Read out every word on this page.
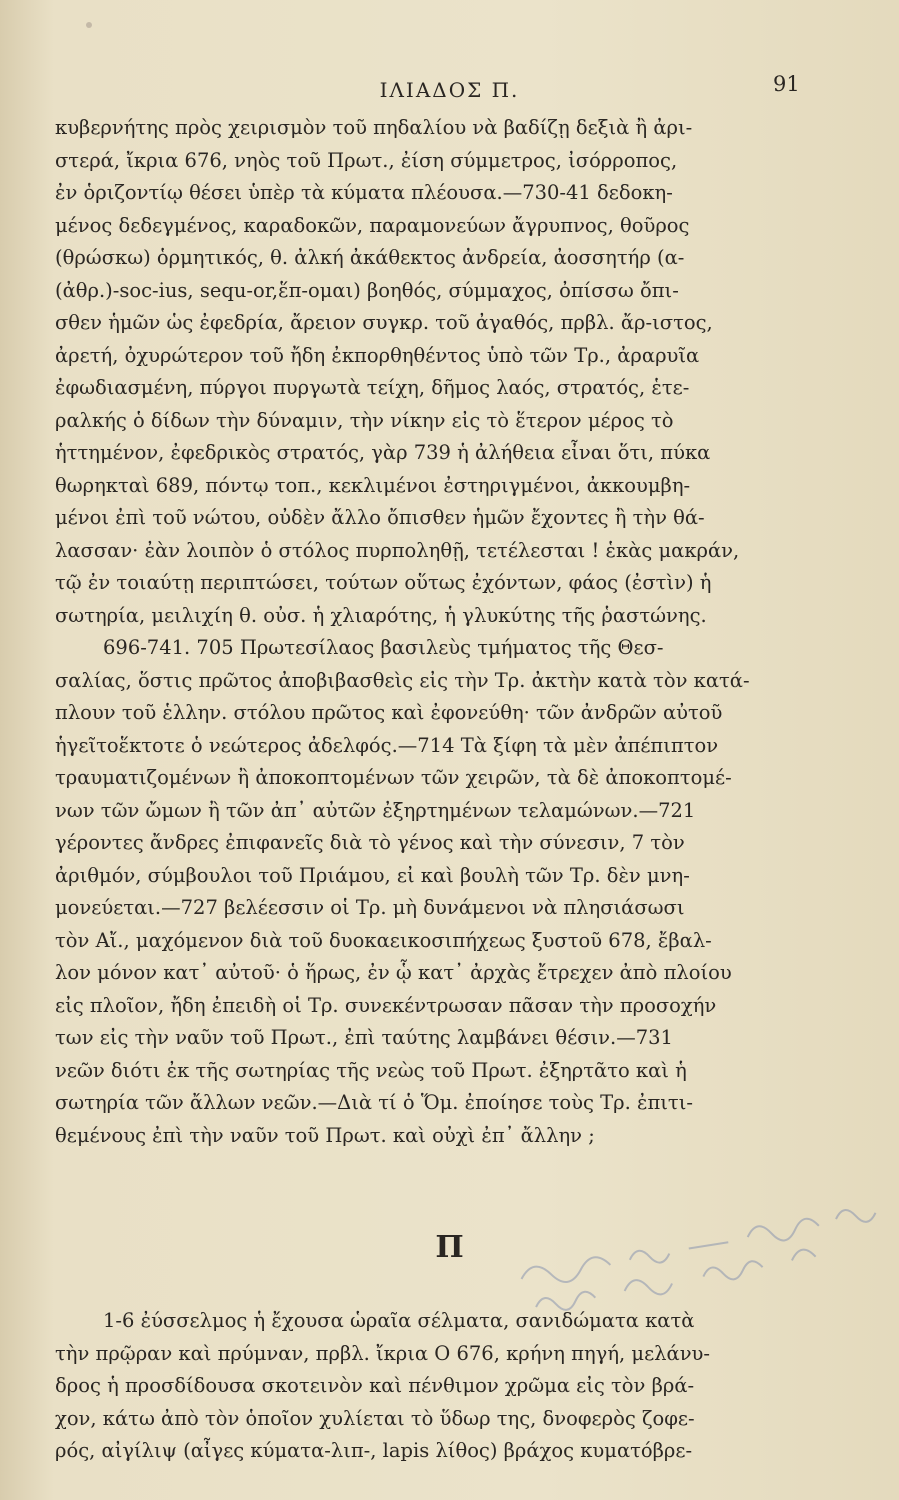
ΙΛΙΑΔΟΣ Π.	91
κυβερνήτης πρὸς χειρισμὸν τοῦ πηδαλίου νὰ βαδίζῃ δεξιὰ ἢ ἀρι-
στερά, ἴκρια 676, νηὸς τοῦ Πρωτ., ἐίση σύμμετρος, ἰσόρροπος,
ἐν ὁριζοντίῳ θέσει ὑπὲρ τὰ κύματα πλέουσα.—730-41 δεδοκη-
μένος δεδεγμένος, καραδοκῶν, παραμονεύων ἄγρυπνος, θοῦρος
(θρώσκω) ὁρμητικός, θ. ἀλκή ἀκάθεκτος ἀνδρεία, ἀοσσητήρ (α-
(ἀθρ.)-soc-ius, sequ-or,ἕπ-ομαι) βοηθός, σύμμαχος, ὀπίσσω ὄπι-
σθεν ἡμῶν ὡς ἐφεδρία, ἄρειον συγκρ. τοῦ ἀγαθός, πρβλ. ἄρ-ιστος,
ἀρετή, ὀχυρώτερον τοῦ ἤδη ἐκπορθηθέντος ὑπὸ τῶν Τρ., ἀραρυῖα
ἐφωδιασμένη, πύργοι πυργωτὰ τείχη, δῆμος λαός, στρατός, ἑτε-
ραλκής ὁ δίδων τὴν δύναμιν, τὴν νίκην εἰς τὸ ἕτερον μέρος τὸ
ἡττημένον, ἐφεδρικὸς στρατός, γὰρ 739 ἡ ἀλήθεια εἶναι ὅτι, πύκα
θωρηκταὶ 689, πόντῳ τοπ., κεκλιμένοι ἐστηριγμένοι, ἀκκουμβη-
μένοι ἐπὶ τοῦ νώτου, οὐδὲν ἄλλο ὄπισθεν ἡμῶν ἔχοντες ἢ τὴν θά-
λασσαν· ἐὰν λοιπὸν ὁ στόλος πυρποληθῇ, τετέλεσται ! ἑκὰς μακράν,
τῷ ἐν τοιαύτῃ περιπτώσει, τούτων οὕτως ἐχόντων, φάος (ἐστὶν) ἡ
σωτηρία, μειλιχίη θ. οὐσ. ἡ χλιαρότης, ἡ γλυκύτης τῆς ῥαστώνης.
696-741. 705 Πρωτεσίλαος βασιλεὺς τμήματος τῆς Θεσ-
σαλίας, ὅστις πρῶτος ἀποβιβασθεὶς εἰς τὴν Τρ. ἀκτὴν κατὰ τὸν κατά-
πλουν τοῦ ἑλλην. στόλου πρῶτος καὶ ἐφονεύθη· τῶν ἀνδρῶν αὐτοῦ
ἡγεῖτοἕκτοτε ὁ νεώτερος ἀδελφός.—714 Τὰ ξίφη τὰ μὲν ἀπέπιπτον
τραυματιζομένων ἢ ἀποκοπτομένων τῶν χειρῶν, τὰ δὲ ἀποκοπτομέ-
νων τῶν ὤμων ἢ τῶν ἀπ᾿ αὐτῶν ἐξηρτημένων τελαμώνων.—721
γέροντες ἄνδρες ἐπιφανεῖς διὰ τὸ γένος καὶ τὴν σύνεσιν, 7 τὸν
ἀριθμόν, σύμβουλοι τοῦ Πριάμου, εἰ καὶ βουλὴ τῶν Τρ. δὲν μνη-
μονεύεται.—727 βελέεσσιν οἱ Τρ. μὴ δυνάμενοι νὰ πλησιάσωσι
τὸν Αἴ., μαχόμενον διὰ τοῦ δυοκαεικοσιπήχεως ξυστοῦ 678, ἔβαλ-
λον μόνον κατ᾿ αὐτοῦ· ὁ ἥρως, ἐν ᾧ κατ᾿ ἀρχὰς ἔτρεχεν ἀπὸ πλοίου
εἰς πλοῖον, ἤδη ἐπειδὴ οἱ Τρ. συνεκέντρωσαν πᾶσαν τὴν προσοχήν
των εἰς τὴν ναῦν τοῦ Πρωτ., ἐπὶ ταύτης λαμβάνει θέσιν.—731
νεῶν διότι ἐκ τῆς σωτηρίας τῆς νεὼς τοῦ Πρωτ. ἐξηρτᾶτο καὶ ἡ
σωτηρία τῶν ἄλλων νεῶν.—Διὰ τί ὁ Ὅμ. ἐποίησε τοὺς Τρ. ἐπιτι-
θεμένους ἐπὶ τὴν ναῦν τοῦ Πρωτ. καὶ οὐχὶ ἐπ᾿ ἄλλην ;
Π
1-6 ἐύσσελμος ἡ ἔχουσα ὡραῖα σέλματα, σανιδώματα κατὰ
τὴν πρῷραν καὶ πρύμναν, πρβλ. ἴκρια Ο 676, κρήνη πηγή, μελάνυ-
δρος ἡ προσδίδουσα σκοτεινὸν καὶ πένθιμον χρῶμα εἰς τὸν βρά-
χον, κάτω ἀπὸ τὸν ὁποῖον χυλίεται τὸ ὕδωρ της, δνοφερὸς ζοφε-
ρός, αἰγίλιψ (αἶγες κύματα-λιπ-, lapis λίθος) βράχος κυματόβρε-
